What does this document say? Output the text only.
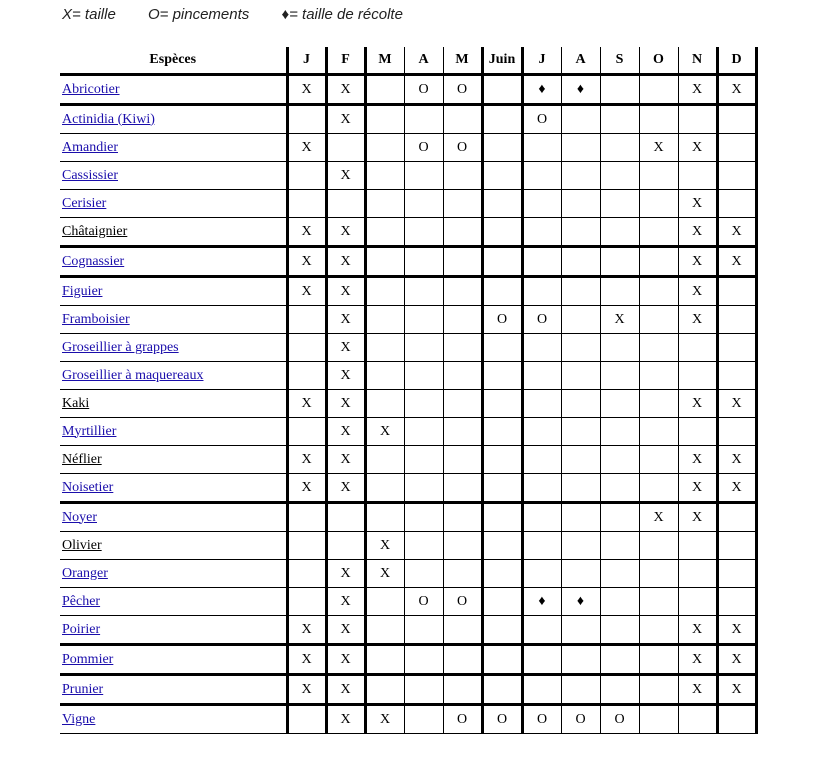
X= taille O= pincements ♦= taille de récolte
Espèces	J	F	M	A	M	Juin	J	A	S	O	N	D
Abricotier	X	X		O	O		♦	♦			X	X
Actinidia (Kiwi)		X					O					
Amandier	X			O	O					X	X	
Cassissier		X										
Cerisier											X	
Châtaignier	X	X									X	X
Cognassier	X	X									X	X
Figuier	X	X									X	
Framboisier		X				O	O		X		X	
Groseillier à grappes		X										
Groseillier à maquereaux		X										
Kaki	X	X									X	X
Myrtillier		X	X									
Néflier	X	X									X	X
Noisetier	X	X									X	X
Noyer										X	X	
Olivier			X									
Oranger		X	X									
Pêcher		X		O	O		♦	♦				
Poirier	X	X									X	X
Pommier	X	X									X	X
Prunier	X	X									X	X
Vigne		X	X		O	O	O	O	O			
